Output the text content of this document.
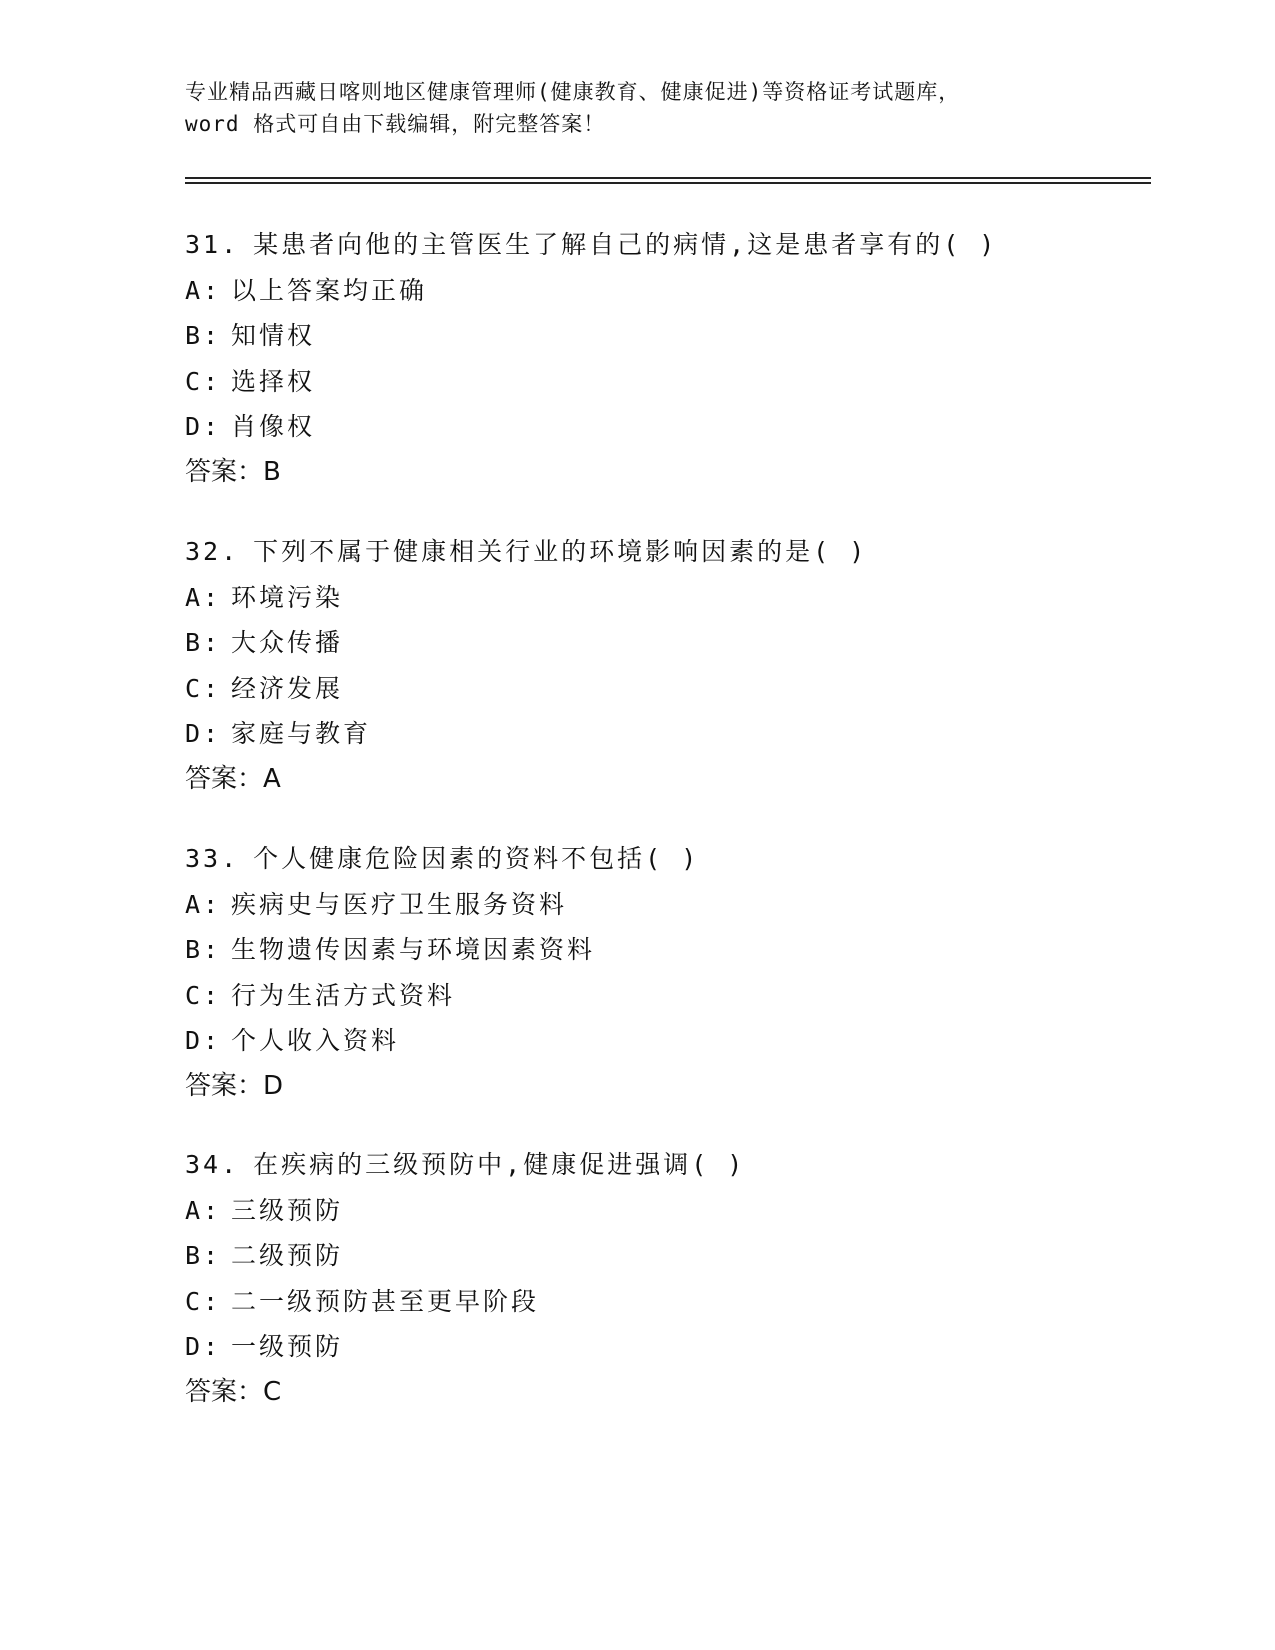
专业精品西藏日喀则地区健康管理师(健康教育、健康促进)等资格证考试题库，
word 格式可自由下载编辑，附完整答案！
31. 某患者向他的主管医生了解自己的病情,这是患者享有的( )
A: 以上答案均正确
B: 知情权
C: 选择权
D: 肖像权
答案：B
32. 下列不属于健康相关行业的环境影响因素的是( )
A: 环境污染
B: 大众传播
C: 经济发展
D: 家庭与教育
答案：A
33. 个人健康危险因素的资料不包括( )
A: 疾病史与医疗卫生服务资料
B: 生物遗传因素与环境因素资料
C: 行为生活方式资料
D: 个人收入资料
答案：D
34. 在疾病的三级预防中,健康促进强调( )
A: 三级预防
B: 二级预防
C: 二一级预防甚至更早阶段
D: 一级预防
答案：C
